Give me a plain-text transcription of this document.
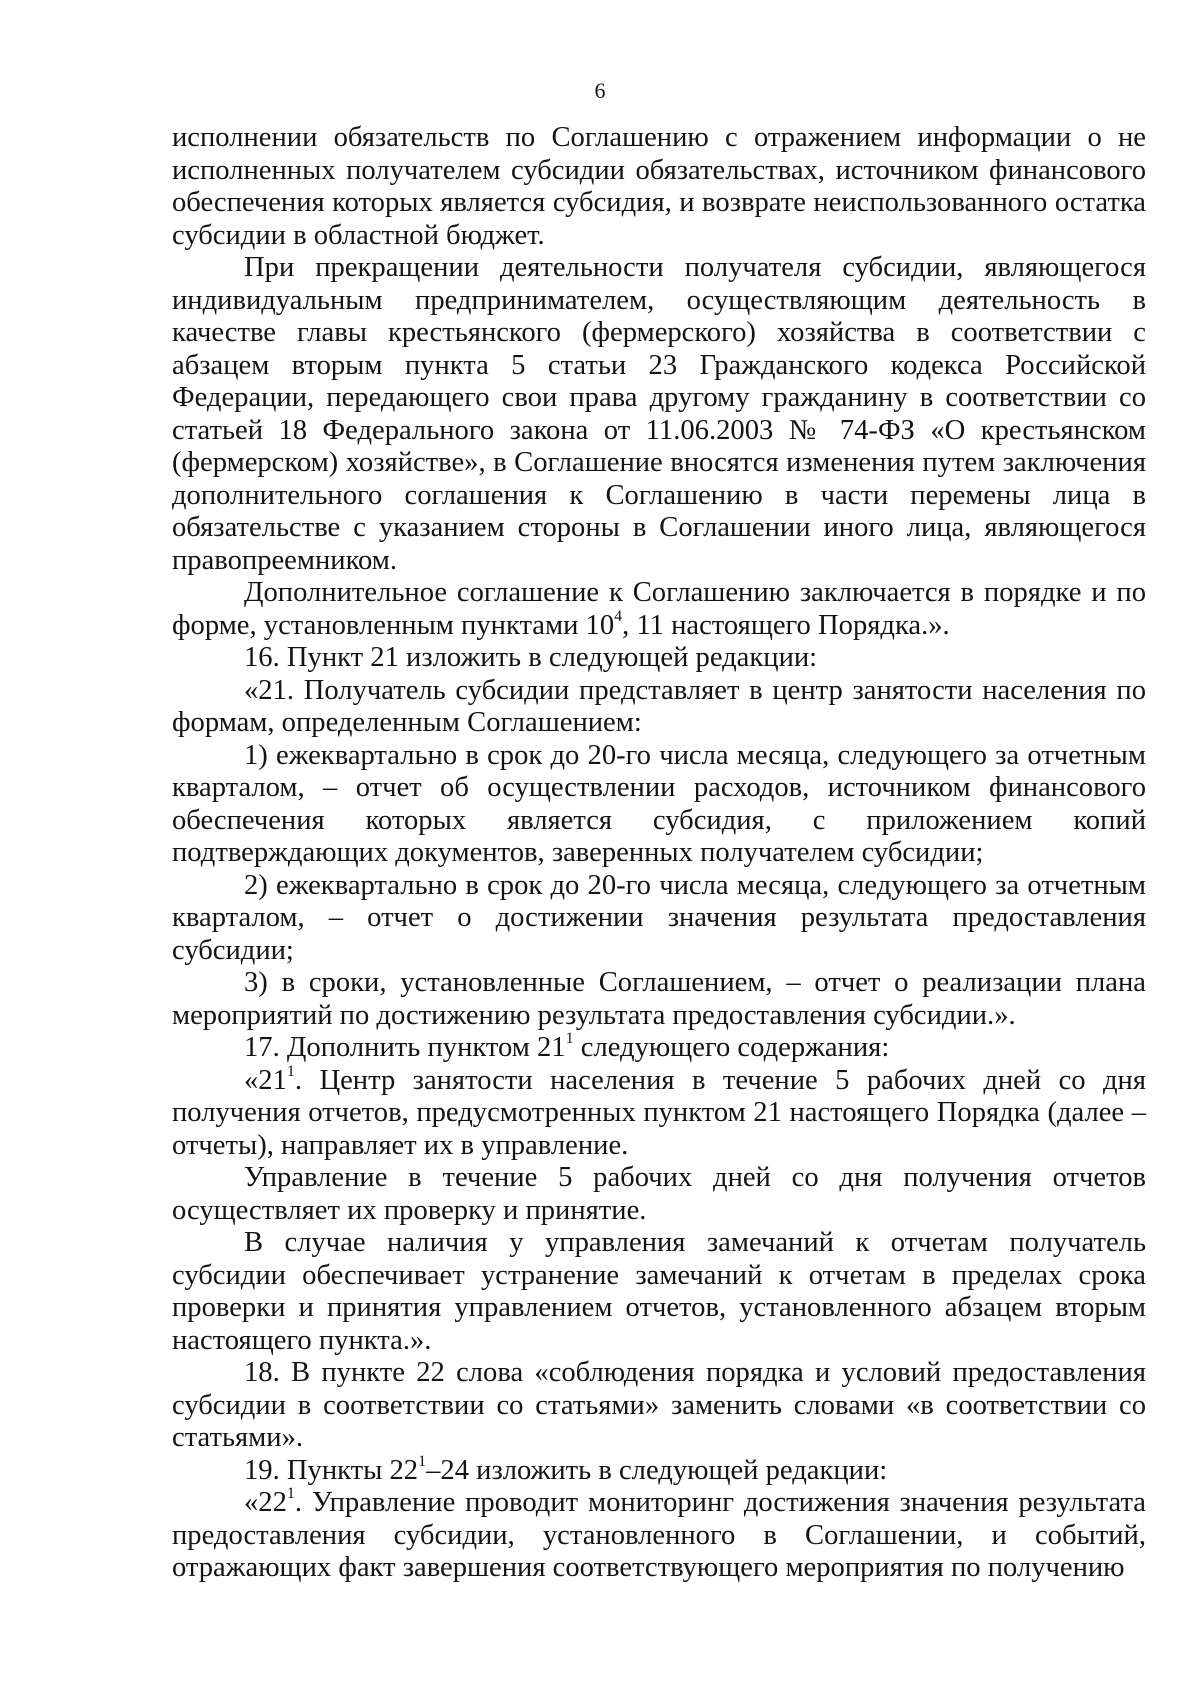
6

исполнении обязательств по Соглашению с отражением информации о не исполненных получателем субсидии обязательствах, источником финансового обеспечения которых является субсидия, и возврате неиспользованного остатка субсидии в областной бюджет.

При прекращении деятельности получателя субсидии, являющегося индивидуальным предпринимателем, осуществляющим деятельность в качестве главы крестьянского (фермерского) хозяйства в соответствии с абзацем вторым пункта 5 статьи 23 Гражданского кодекса Российской Федерации, передающего свои права другому гражданину в соответствии со статьей 18 Федерального закона от 11.06.2003 № 74-ФЗ «О крестьянском (фермерском) хозяйстве», в Соглашение вносятся изменения путем заключения дополнительного соглашения к Соглашению в части перемены лица в обязательстве с указанием стороны в Соглашении иного лица, являющегося правопреемником.

Дополнительное соглашение к Соглашению заключается в порядке и по форме, установленным пунктами $10^4$, 11 настоящего Порядка.».

16. Пункт 21 изложить в следующей редакции:

«21. Получатель субсидии представляет в центр занятости населения по формам, определенным Соглашением:

1) ежеквартально в срок до 20-го числа месяца, следующего за отчетным кварталом, – отчет об осуществлении расходов, источником финансового обеспечения которых является субсидия, с приложением копий подтверждающих документов, заверенных получателем субсидии;

2) ежеквартально в срок до 20-го числа месяца, следующего за отчетным кварталом, – отчет о достижении значения результата предоставления субсидии;

3) в сроки, установленные Соглашением, – отчет о реализации плана мероприятий по достижению результата предоставления субсидии.».

17. Дополнить пунктом $21^1$ следующего содержания:

«$21^1$. Центр занятости населения в течение 5 рабочих дней со дня получения отчетов, предусмотренных пунктом 21 настоящего Порядка (далее – отчеты), направляет их в управление.

Управление в течение 5 рабочих дней со дня получения отчетов осуществляет их проверку и принятие.

В случае наличия у управления замечаний к отчетам получатель субсидии обеспечивает устранение замечаний к отчетам в пределах срока проверки и принятия управлением отчетов, установленного абзацем вторым настоящего пункта.».

18. В пункте 22 слова «соблюдения порядка и условий предоставления субсидии в соответствии со статьями» заменить словами «в соответствии со статьями».

19. Пункты $22^1-24$ изложить в следующей редакции:

«$22^1$. Управление проводит мониторинг достижения значения результата предоставления субсидии, установленного в Соглашении, и событий, отражающих факт завершения соответствующего мероприятия по получению
